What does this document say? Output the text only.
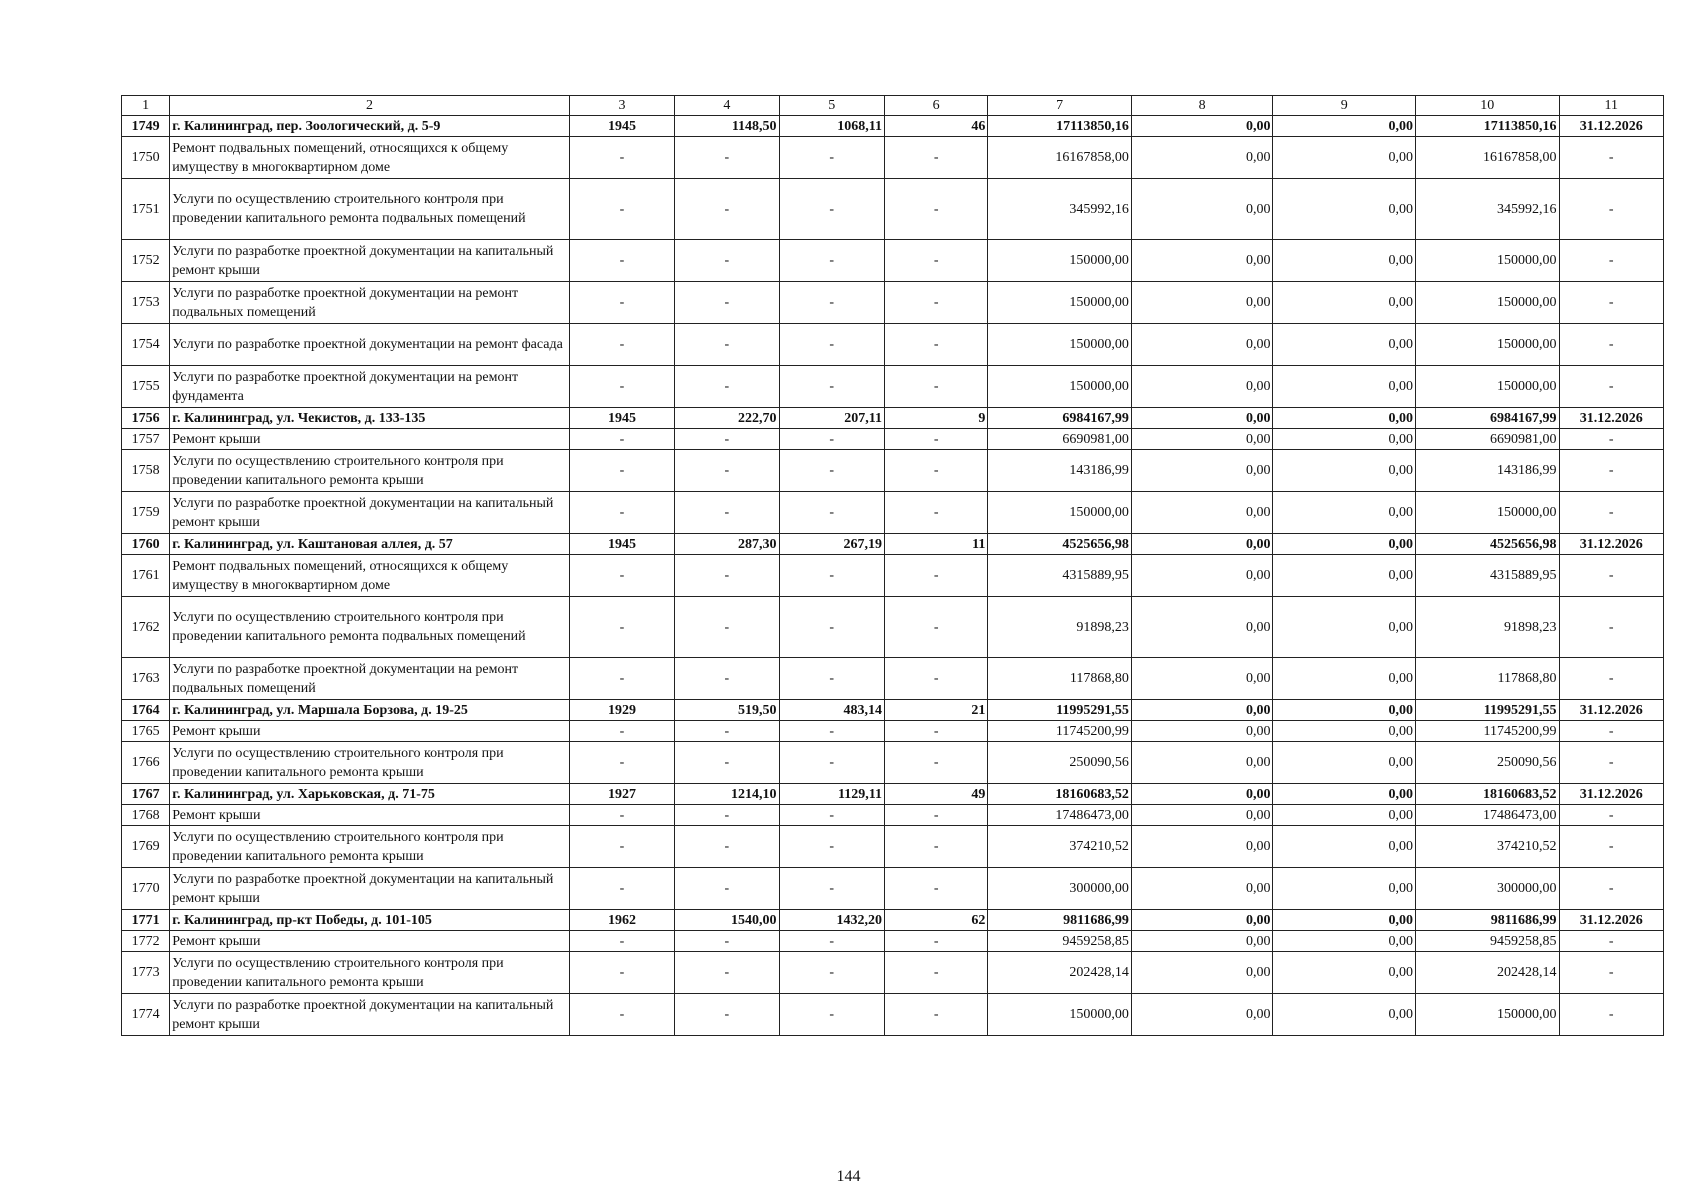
1	2	3	4	5	6	7	8	9	10	11
1749	г. Калининград, пер. Зоологический, д. 5-9	1945	1148,50	1068,11	46	17113850,16	0,00	0,00	17113850,16	31.12.2026
1750	Ремонт подвальных помещений, относящихся к общему имуществу в многоквартирном доме	-	-	-	-	16167858,00	0,00	0,00	16167858,00	-
1751	Услуги по осуществлению строительного контроля при проведении капитального ремонта подвальных помещений	-	-	-	-	345992,16	0,00	0,00	345992,16	-
1752	Услуги по разработке проектной документации на капитальный ремонт крыши	-	-	-	-	150000,00	0,00	0,00	150000,00	-
1753	Услуги по разработке проектной документации на ремонт подвальных помещений	-	-	-	-	150000,00	0,00	0,00	150000,00	-
1754	Услуги по разработке проектной документации на ремонт фасада	-	-	-	-	150000,00	0,00	0,00	150000,00	-
1755	Услуги по разработке проектной документации на ремонт фундамента	-	-	-	-	150000,00	0,00	0,00	150000,00	-
1756	г. Калининград, ул. Чекистов, д. 133-135	1945	222,70	207,11	9	6984167,99	0,00	0,00	6984167,99	31.12.2026
1757	Ремонт крыши	-	-	-	-	6690981,00	0,00	0,00	6690981,00	-
1758	Услуги по осуществлению строительного контроля при проведении капитального ремонта крыши	-	-	-	-	143186,99	0,00	0,00	143186,99	-
1759	Услуги по разработке проектной документации на капитальный ремонт крыши	-	-	-	-	150000,00	0,00	0,00	150000,00	-
1760	г. Калининград, ул. Каштановая аллея, д. 57	1945	287,30	267,19	11	4525656,98	0,00	0,00	4525656,98	31.12.2026
1761	Ремонт подвальных помещений, относящихся к общему имуществу в многоквартирном доме	-	-	-	-	4315889,95	0,00	0,00	4315889,95	-
1762	Услуги по осуществлению строительного контроля при проведении капитального ремонта подвальных помещений	-	-	-	-	91898,23	0,00	0,00	91898,23	-
1763	Услуги по разработке проектной документации на ремонт подвальных помещений	-	-	-	-	117868,80	0,00	0,00	117868,80	-
1764	г. Калининград, ул. Маршала Борзова, д. 19-25	1929	519,50	483,14	21	11995291,55	0,00	0,00	11995291,55	31.12.2026
1765	Ремонт крыши	-	-	-	-	11745200,99	0,00	0,00	11745200,99	-
1766	Услуги по осуществлению строительного контроля при проведении капитального ремонта крыши	-	-	-	-	250090,56	0,00	0,00	250090,56	-
1767	г. Калининград, ул. Харьковская, д. 71-75	1927	1214,10	1129,11	49	18160683,52	0,00	0,00	18160683,52	31.12.2026
1768	Ремонт крыши	-	-	-	-	17486473,00	0,00	0,00	17486473,00	-
1769	Услуги по осуществлению строительного контроля при проведении капитального ремонта крыши	-	-	-	-	374210,52	0,00	0,00	374210,52	-
1770	Услуги по разработке проектной документации на капитальный ремонт крыши	-	-	-	-	300000,00	0,00	0,00	300000,00	-
1771	г. Калининград, пр-кт Победы, д. 101-105	1962	1540,00	1432,20	62	9811686,99	0,00	0,00	9811686,99	31.12.2026
1772	Ремонт крыши	-	-	-	-	9459258,85	0,00	0,00	9459258,85	-
1773	Услуги по осуществлению строительного контроля при проведении капитального ремонта крыши	-	-	-	-	202428,14	0,00	0,00	202428,14	-
1774	Услуги по разработке проектной документации на капитальный ремонт крыши	-	-	-	-	150000,00	0,00	0,00	150000,00	-
144
